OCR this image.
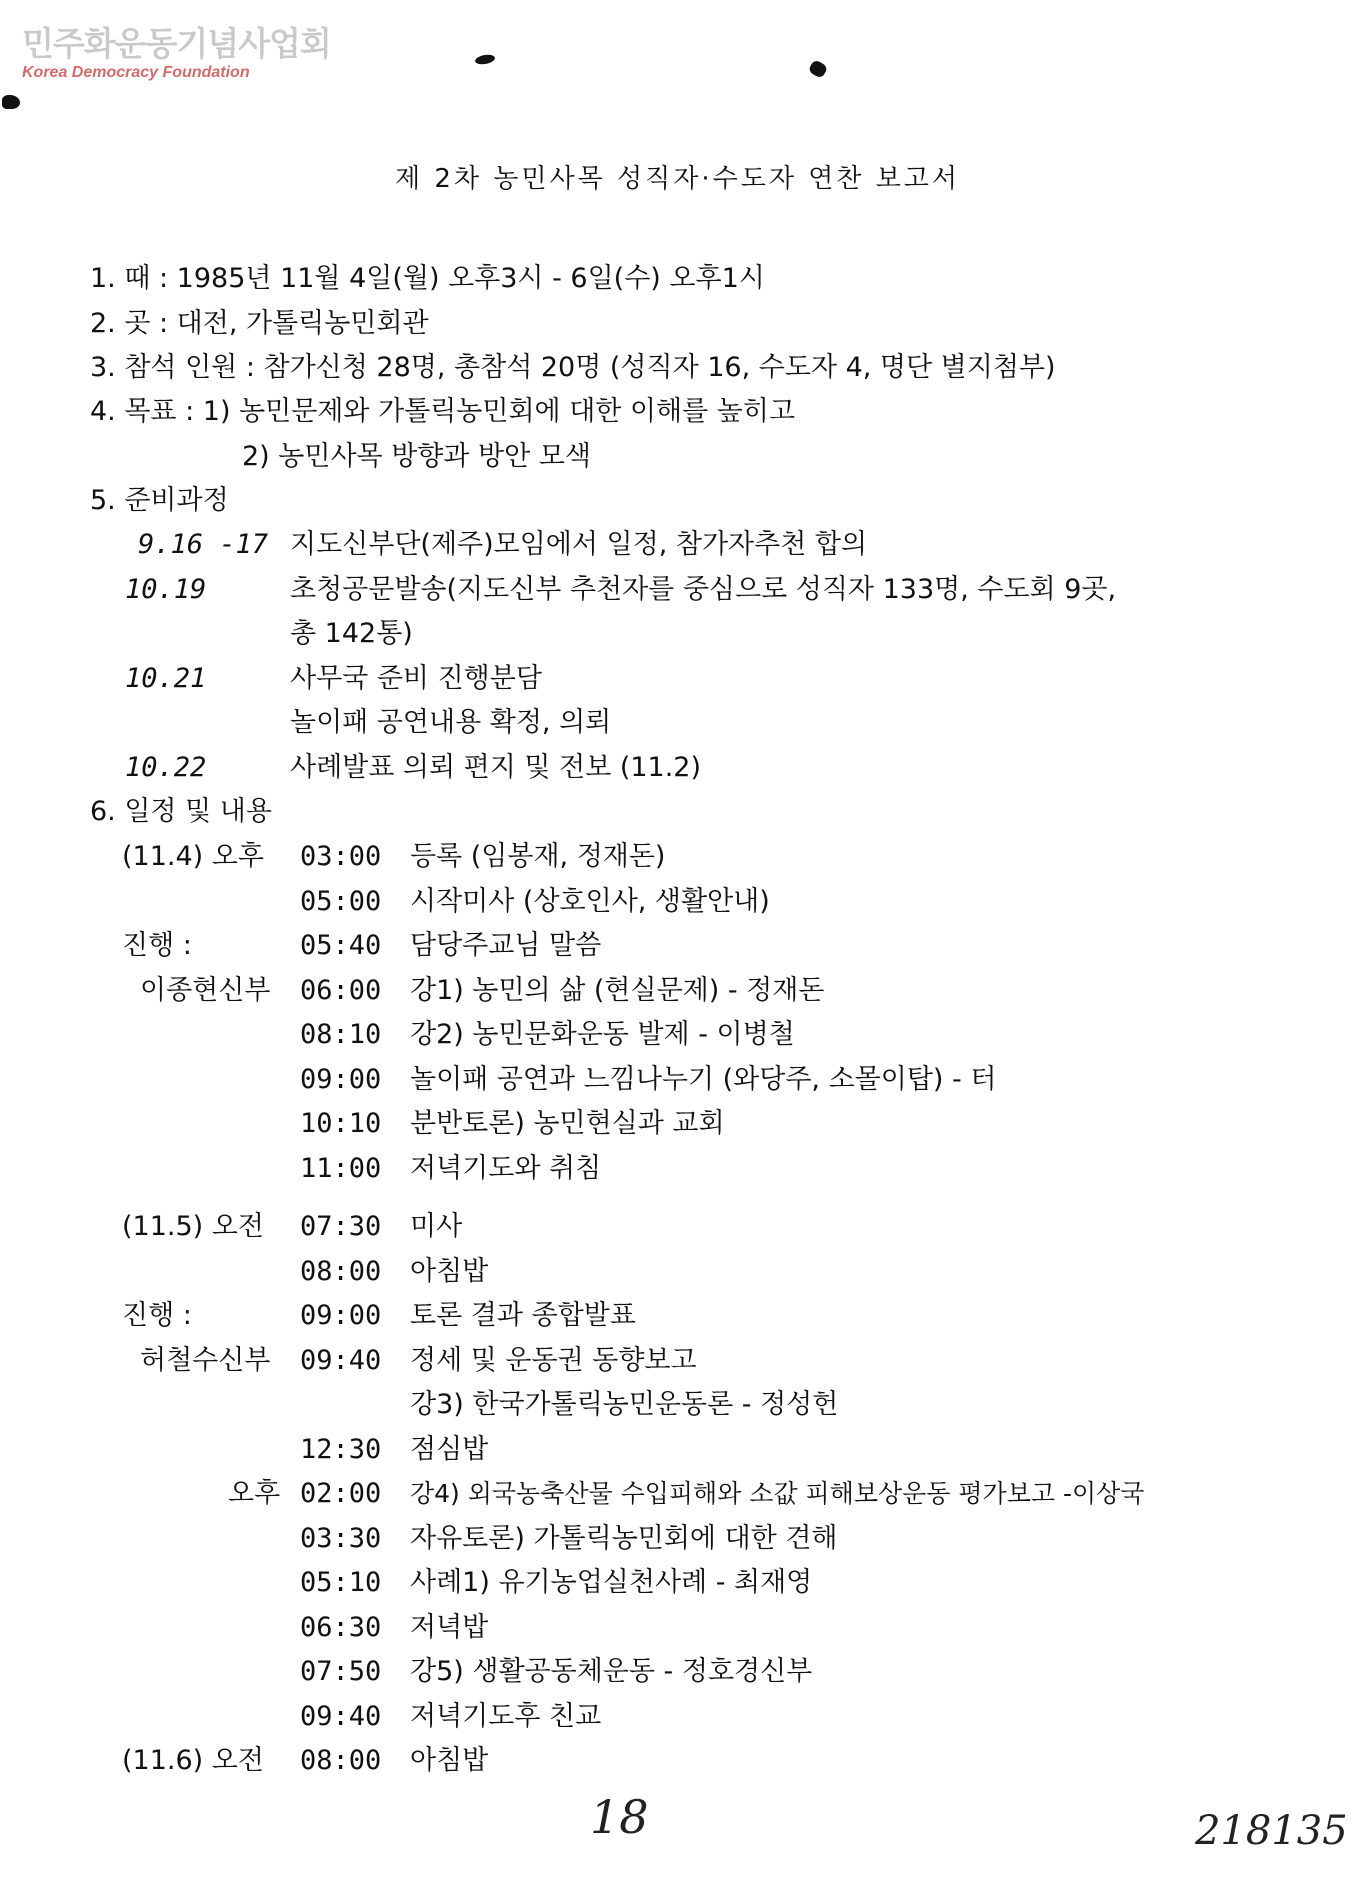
민주화운동기념사업회
Korea Democracy Foundation
제 2차 농민사목 성직자·수도자 연찬 보고서
1. 때 : 1985년 11월 4일(월) 오후3시 - 6일(수) 오후1시
2. 곳 : 대전, 가톨릭농민회관
3. 참석 인원 : 참가신청 28명, 총참석 20명 (성직자 16, 수도자 4, 명단 별지첨부)
4. 목표 : 1) 농민문제와 가톨릭농민회에 대한 이해를 높히고
2) 농민사목 방향과 방안 모색
5. 준비과정
9.16 -17 지도신부단(제주)모임에서 일정, 참가자추천 합의
10.19	초청공문발송(지도신부 추천자를 중심으로 성직자 133명, 수도회 9곳,
총 142통)
10.21	사무국 준비 진행분담
놀이패 공연내용 확정, 의뢰
10.22	사례발표 의뢰 편지 및 전보 (11.2)
6. 일정 및 내용
(11.4) 오후 03:00 등록 (임봉재, 정재돈)
05:00 시작미사 (상호인사, 생활안내)
진행 :	05:40 담당주교님 말씀
이종현신부 06:00 강1) 농민의 삶 (현실문제) - 정재돈
08:10 강2) 농민문화운동 발제 - 이병철
09:00 놀이패 공연과 느낌나누기 (와당주, 소몰이탑) - 터
10:10 분반토론) 농민현실과 교회
11:00 저녁기도와 취침
(11.5) 오전 07:30 미사
08:00 아침밥
진행 :	09:00 토론 결과 종합발표
허철수신부 09:40 정세 및 운동권 동향보고
강3) 한국가톨릭농민운동론 - 정성헌
12:30 점심밥
오후 02:00 강4) 외국농축산물 수입피해와 소값 피해보상운동 평가보고 -이상국
03:30 자유토론) 가톨릭농민회에 대한 견해
05:10 사례1) 유기농업실천사례 - 최재영
06:30 저녁밥
07:50 강5) 생활공동체운동 - 정호경신부
09:40 저녁기도후 친교
(11.6) 오전 08:00 아침밥
18	218135
